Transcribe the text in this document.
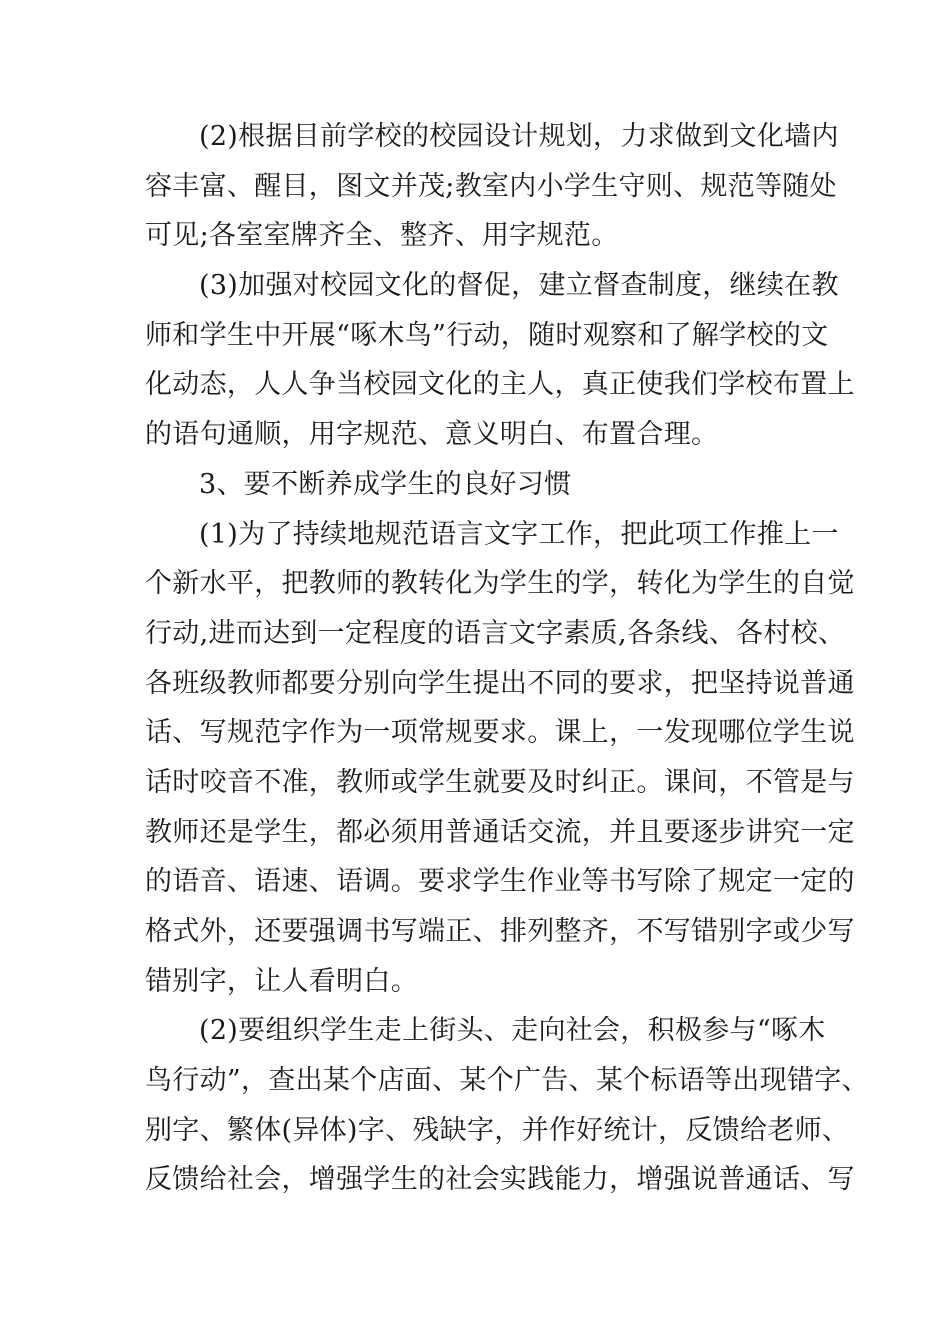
(2)根据目前学校的校园设计规划，力求做到文化墙内
容丰富、醒目，图文并茂;教室内小学生守则、规范等随处
可见;各室室牌齐全、整齐、用字规范。
(3)加强对校园文化的督促，建立督查制度，继续在教
师和学生中开展“啄木鸟”行动，随时观察和了解学校的文
化动态，人人争当校园文化的主人，真正使我们学校布置上
的语句通顺，用字规范、意义明白、布置合理。
3、要不断养成学生的良好习惯
(1)为了持续地规范语言文字工作，把此项工作推上一
个新水平，把教师的教转化为学生的学，转化为学生的自觉
行动,进而达到一定程度的语言文字素质,各条线、各村校、
各班级教师都要分别向学生提出不同的要求，把坚持说普通
话、写规范字作为一项常规要求。课上，一发现哪位学生说
话时咬音不准，教师或学生就要及时纠正。课间，不管是与
教师还是学生，都必须用普通话交流，并且要逐步讲究一定
的语音、语速、语调。要求学生作业等书写除了规定一定的
格式外，还要强调书写端正、排列整齐，不写错别字或少写
错别字，让人看明白。
(2)要组织学生走上街头、走向社会，积极参与“啄木
鸟行动”，查出某个店面、某个广告、某个标语等出现错字、
别字、繁体(异体)字、残缺字，并作好统计，反馈给老师、
反馈给社会，增强学生的社会实践能力，增强说普通话、写
